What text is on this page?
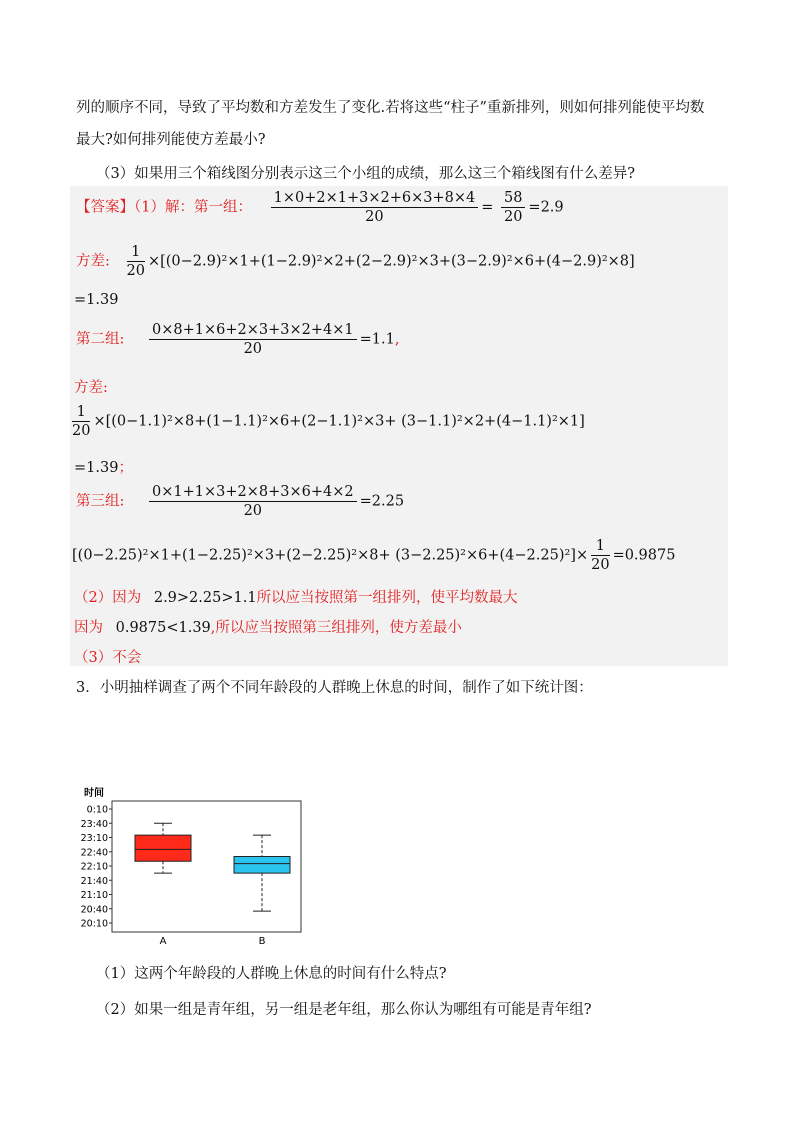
列的顺序不同，导致了平均数和方差发生了变化.若将这些“柱子”重新排列，则如何排列能使平均数
最大?如何排列能使方差最小?
（3）如果用三个箱线图分别表示这三个小组的成绩，那么这三个箱线图有什么差异?
【答案】（1）解：第一组： $\frac{1\times 0+2\times 1+3\times 2+6\times 3+8\times 4}{20} = \frac{58}{20} =2.9$
方差: $\frac{1}{20} \times[(0-2.9)^2\times 1+(1-2.9)^2\times 2+(2-2.9)^2\times 3+(3-2.9)^2\times 6+(4-2.9)^2\times 8]$
=1.39
第二组: $\frac{0\times 8+1\times 6+2\times 3+3\times 2+4\times 1}{20} =1.1$,
方差:
$\frac{1}{20} \times[(0-1.1)^2\times 8+(1-1.1)^2\times 6+(2-1.1)^2\times 3+ (3-1.1)^2\times 2+(4-1.1)^2\times 1]$
=1.39；
第三组: $\frac{0\times 1+1\times 3+2\times 8+3\times 6+4\times 2}{20} =2.25$
$[(0-2.25)^2\times 1+(1-2.25)^2\times 3+(2-2.25)^2\times 8+ (3-2.25)^2\times 6+(4-2.25)^2]\times \frac{1}{20} =0.9875$
（2）因为 2.9>2.25>1.1所以应当按照第一组排列，使平均数最大
因为 0.9875<1.39,所以应当按照第三组排列，使方差最小
（3）不会
3．小明抽样调查了两个不同年龄段的人群晚上休息的时间，制作了如下统计图：
时间
0:10
23:40
23:10
22:40
22:10
21:40
21:10
20:40
20:10
A	B
（1）这两个年龄段的人群晚上休息的时间有什么特点?
（2）如果一组是青年组，另一组是老年组，那么你认为哪组有可能是青年组?
